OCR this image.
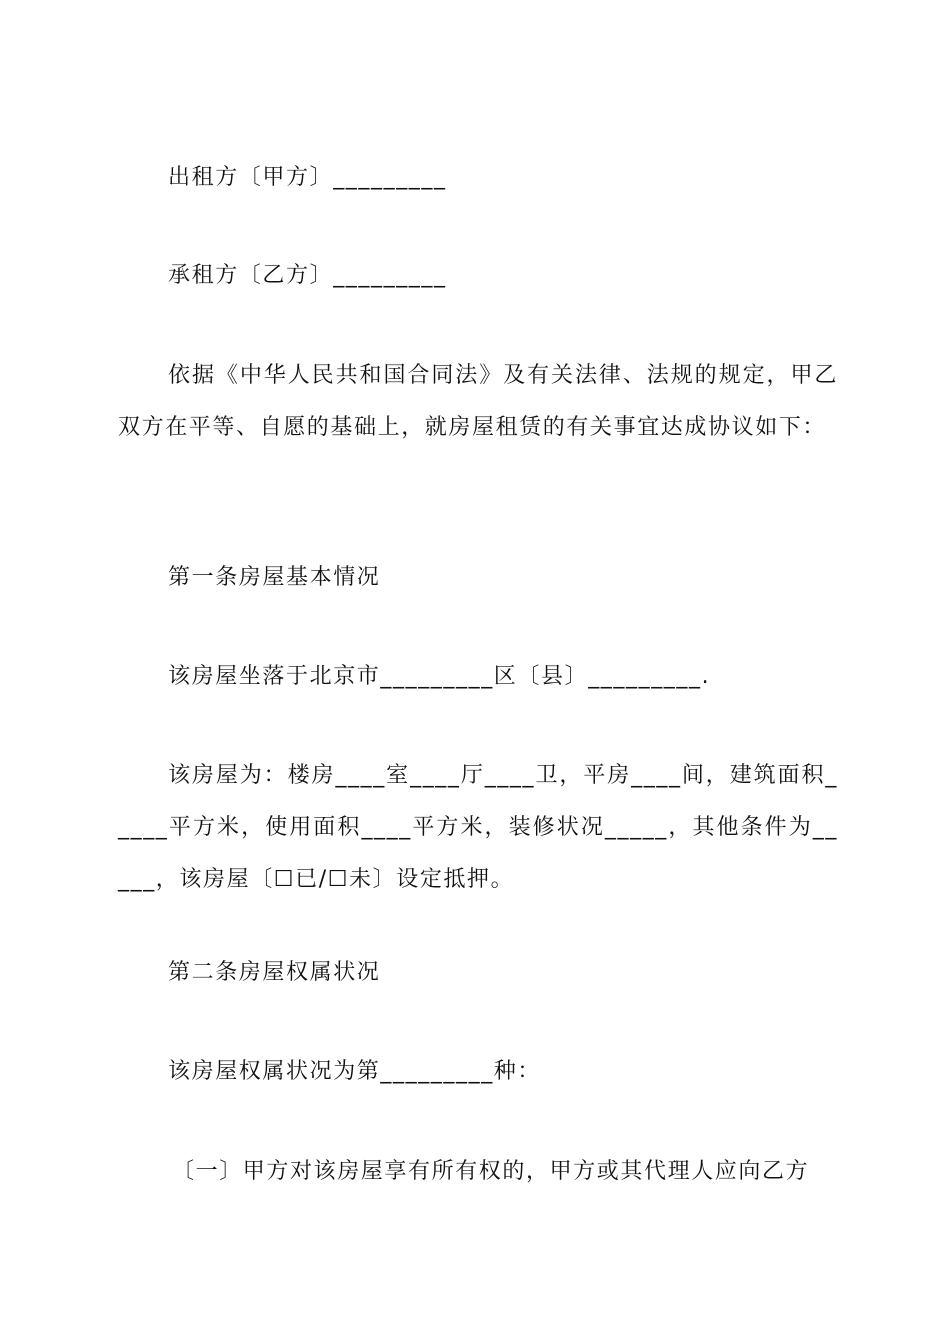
出租方〔甲方〕_________

承租方〔乙方〕_________

依据《中华人民共和国合同法》及有关法律、法规的规定，甲乙双方在平等、自愿的基础上，就房屋租赁的有关事宜达成协议如下：

第一条房屋基本情况

该房屋坐落于北京市_________区〔县〕_________.

该房屋为：楼房____室____厅____卫，平房____间，建筑面积_____平方米，使用面积____平方米，装修状况_____，其他条件为_____，该房屋〔☐已/☐未〕设定抵押。

第二条房屋权属状况

该房屋权属状况为第_________种：

〔一〕甲方对该房屋享有所有权的，甲方或其代理人应向乙方
